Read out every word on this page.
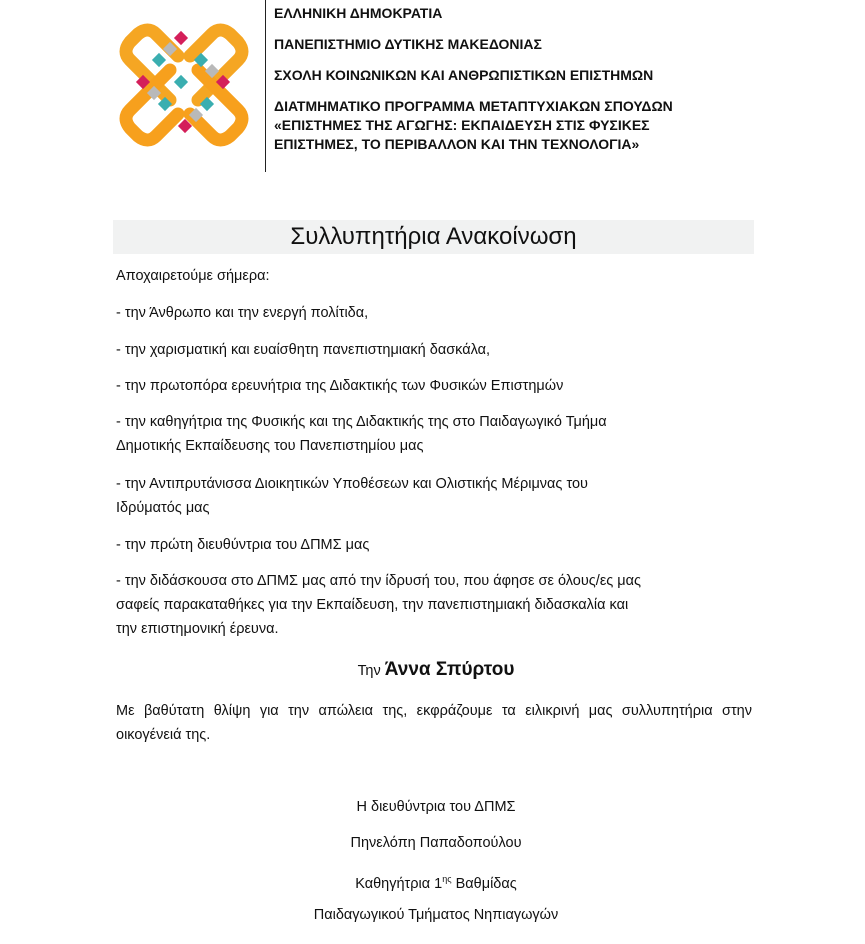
ΕΛΛΗΝΙΚΗ ΔΗΜΟΚΡΑΤΙΑ
ΠΑΝΕΠΙΣΤΗΜΙΟ ΔΥΤΙΚΗΣ ΜΑΚΕΔΟΝΙΑΣ
ΣΧΟΛΗ ΚΟΙΝΩΝΙΚΩΝ ΚΑΙ ΑΝΘΡΩΠΙΣΤΙΚΩΝ ΕΠΙΣΤΗΜΩΝ
ΔΙΑΤΜΗΜΑΤΙΚΟ ΠΡΟΓΡΑΜΜΑ ΜΕΤΑΠΤΥΧΙΑΚΩΝ ΣΠΟΥΔΩΝ
«ΕΠΙΣΤΗΜΕΣ ΤΗΣ ΑΓΩΓΗΣ: ΕΚΠΑΙΔΕΥΣΗ ΣΤΙΣ ΦΥΣΙΚΕΣ
ΕΠΙΣΤΗΜΕΣ, ΤΟ ΠΕΡΙΒΑΛΛΟΝ ΚΑΙ ΤΗΝ ΤΕΧΝΟΛΟΓΙΑ»
Συλλυπητήρια Ανακοίνωση
Αποχαιρετούμε σήμερα:
- την Άνθρωπο και την ενεργή πολίτιδα,
- την χαρισματική και ευαίσθητη πανεπιστημιακή δασκάλα,
- την πρωτοπόρα ερευνήτρια της Διδακτικής των Φυσικών Επιστημών
- την καθηγήτρια της Φυσικής και της Διδακτικής της στο Παιδαγωγικό Τμήμα
Δημοτικής Εκπαίδευσης του Πανεπιστημίου μας
- την Αντιπρυτάνισσα Διοικητικών Υποθέσεων και Ολιστικής Μέριμνας του
Ιδρύματός μας
- την πρώτη διευθύντρια του ΔΠΜΣ μας
- την διδάσκουσα στο ΔΠΜΣ μας από την ίδρυσή του, που άφησε σε όλους/ες μας
σαφείς παρακαταθήκες για την Εκπαίδευση, την πανεπιστημιακή διδασκαλία και
την επιστημονική έρευνα.
Την Άννα Σπύρτου
Με βαθύτατη θλίψη για την απώλεια της, εκφράζουμε τα ειλικρινή μας συλλυπητήρια στην οικογένειά της.
Η διευθύντρια του ΔΠΜΣ
Πηνελόπη Παπαδοπούλου
Καθηγήτρια $1^{\eta\varsigma}$ Βαθμίδας
Παιδαγωγικού Τμήματος Νηπιαγωγών
